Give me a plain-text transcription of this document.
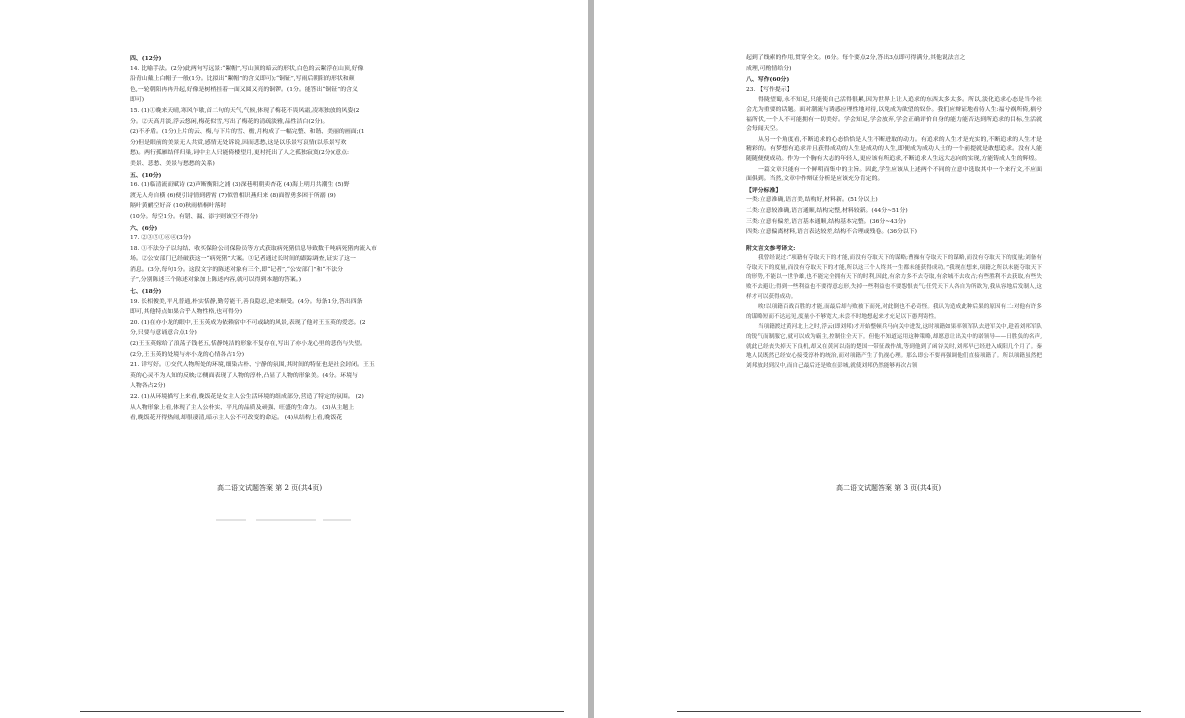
四、(12分)

14. 比喻手法。(2分)此两句写远景:“絮帽”,写山顶的暗云的形状,白色的云絮浮在山顶,好像

沿青山戴上白帽子一般(1分。比拟出“絮帽”的含义即可);“铜钲”,写雨后朝阳的形状和颜

色,一轮朝阳冉冉升起,好像是树梢挂着一面又圆又亮的铜锣。(1分。能答出“铜钲”的含义

即可)

15. (1)①晚来天晴,寒风乍歇,首二句的天气,气候,体现了梅花不畏风霜,凌寒独放的风姿(2

分。②天高月淡,浮云悠闲,梅花似雪,写出了梅花的清疏淡雅,品性洁白(2分)。

(2)不矛盾。(1分)上片的云、梅,与下片的雪、檐,月构成了一幅完整、和谐、美丽的画面;(1

分)但是眼前的美景无人共赏,感情无处诉说,因而悲愁,这是以乐景写哀情(以乐景写欢

愁)。两行孤雁结伴归巢,词中主人只能倚楼望月,更衬托出了人之孤独寂寞(2分)(意点:

美景、悲愁、美景与愁愁的关系)

五、(10分)

16. (1)临清流而赋诗 (2)声断衡阳之浦 (3)深巷明朝卖杏花 (4)海上明月共潮生 (5)野

渡无人舟自横 (6)便引诗情到碧霄 (7)似曾相识燕归来 (8)面智勇多困于所溺 (9)

隔叶黄鹂空好音 (10)秋雨梧桐叶落时

(10分。每空1分。有错、漏、添字则该空不得分)

六、(6分)

17. ②③⑤①⑥④(3分)

18. ①不法分子以勾结、收买保险公司保险员等方式获取病死猪信息导致数千吨病死猪肉流入市

场。②公安部门已经破获这一“病死猪”大案。③记者通过长时间的跟踪调查,证实了这一

消息。(3分,每句1分。这段文字的陈述对象有三个,即“记者”,“公安部门”和“不法分

子”,分别陈述三个陈述对象加上陈述内容,就可以得到本题的答案。)

七、(18分)

19. 长相俊美,平凡普通,朴实恬静,勤劳能干,善良隐忍,逆来顺受。(4分。每条1分,答出四条

即可,其他特点如果合乎人物性格,也可得分)

20. (1)在亦小龙的眼中,王玉英成为依赖宿中不可或缺的风景,表现了他对王玉英的爱恋。(2

分,只要与意诵意合点1分)

(2)王玉英嫁给了浪荡子钱老五,恬静纯洁的形象不复存在,写出了亦小龙心里的悲伤与失望。

(2分,王玉英的处境与亦小龙的心情各占1分)

21. 详写好。①交代人物所处的环境,细染古朴、宁静的氛围,其时间的特征也是社会封闭。王玉

英的心灵不为人知的反映;②侧面表现了人物的淳朴,凸显了人物的形象美。(4分。环境与

人物各占2分)

22. (1)从环境描写上来看,晚饭花是女主人公生活环境的组成部分,营造了特定的氛围。 (2)

从人物形象上看,体现了主人公朴实、平凡的品质及顽强、旺盛的生命力。 (3)从主题上

看,晚饭花开得热闹,却很凄清,暗示主人公不可改变的命运。 (4)从结构上看,晚饭花

高二语文试题答案 第 2 页(共4页)

起到了线索的作用,贯穿全文。(6分。每个要点2分,答出3点即可得满分,其他说法言之

成理,可酌情给分)

八、写作(60分)

23. 【写作提示】

得陇望蜀,永不知足,只能使自己活得很累,因为世界上让人追求的东西太多太多。所以,淡化追求心态是当今社会尤为重要的话题。面对潮流与诱惑应理性地对待,以免成为欲望的奴仆。我们应辩证地看待人生:福兮祸所倚,祸兮福所伏,一个人不可能拥有一切美好。学会知足,学会放弃,学会正确评价自身的能力能否达到所追求的目标,生活就会每闻天空。

从另一个角度看,不断追求的心态恰恰是人生不断进取的动力。有追求的人生才是充实的,不断追求的人生才是精彩的。有梦想有追求并且获得成功的人生是成功的人生,即便成为成功人士的一个前提就是敢想追求。没有人能随随便便成功。作为一个胸有大志的年轻人,更应该有所追求,不断追求人生远大志向的实现,方能铸成人生的辉煌。

一篇文章只能有一个鲜明而集中的主旨。因此,学生应该从上述两个不同的立意中选取其中一个来行文,不应面面俱到。当然,文章中作辩证分析是应该充分肯定的。

【评分标准】

一类:立意准确,语言美,结构好,材料新。(51分以上)

二类:立意较准确,语言通顺,结构完整,材料较新。(44分~51分)

三类:立意有偏差,语言基本通顺,结构基本完整。(36分~43分)

四类:立意偏离材料,语言表达较差,结构不合理或残卷。(36分以下)

附文言文参考译文:

我曾经说过:“项籍有夺取天下的才能,而没有夺取天下的谋略;曹操有夺取天下的谋略,而没有夺取天下的度量;刘备有夺取天下的度量,而没有夺取天下的才能,所以这三个人终其一生都未能获得成功。”我现在想来,项籍之所以未能夺取天下的形势,不能以一世争雄,也不能完全拥有天下的时利,因此,有余力多不去夺取,有余城不去攻占;有些胜利不去获取,有些失败不去避让;得到一些利益也不要得意忘形,失掉一些利益也不要怨恨丧气;任凭天下人各自为所欲为,我从容地后发制人,这样才可以获得成功。

唉!以项籍百战百胜的才能,而最后却与败被下而死,对此倒也不必奇怪。我认为造成此种后果的原因有二:对他有许多的谋略短而不达远见,度量小不够宽大,未尝不时地想起来才充足以下愚判寄性。

当项籍渡过黄河北上之时,浮云(即刘邦)才开始整顿兵马向关中进发,这时项籍如果率领军队去进军关中,趁着刘邦军队的锐气而制服它,就可以成为霸主,控制住全天下。但他不知道运用这种策略,却愿意让出关中的诺领导——日胜负的名声,就此已经丧失掉天下良机,却又在黄河以南的楚国一带征战作战,等到他到了函谷关时,刘邦早已经进入咸阳几个月了。秦地人民既然已经安心接受淳朴的统治,而对项籍产生了仇视心理。那么即公不要再强调他们直接项籍了。所以项籍虽然把刘邦放封到汉中,而自己最后还是败在彭城,就使刘邦仍然能够再次占领

高二语文试题答案 第 3 页(共4页)
